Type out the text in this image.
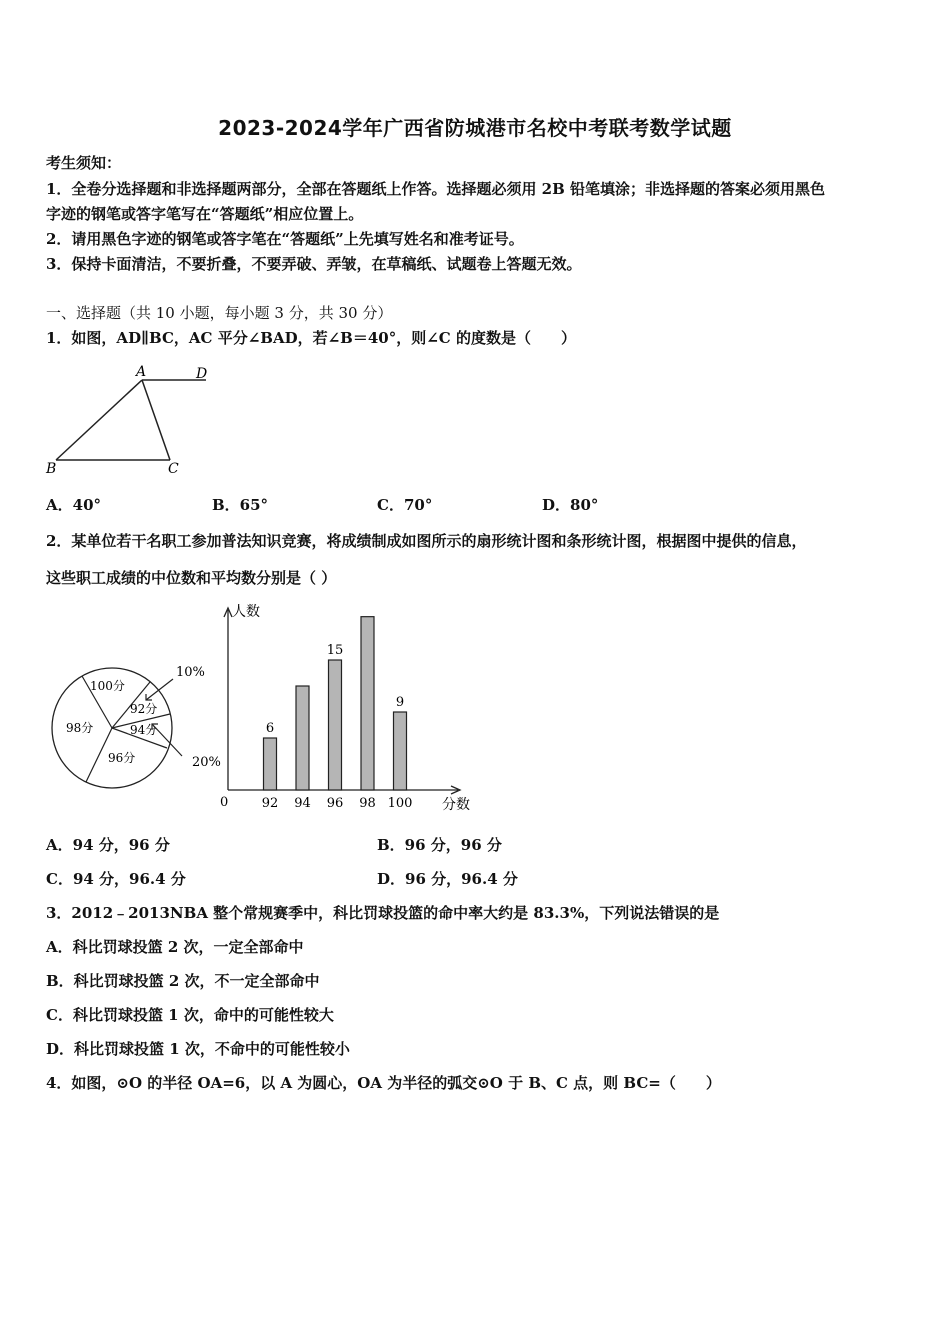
2023-2024学年广西省防城港市名校中考联考数学试题
考生须知：
1．全卷分选择题和非选择题两部分，全部在答题纸上作答。选择题必须用 2B 铅笔填涂；非选择题的答案必须用黑色
字迹的钢笔或答字笔写在“答题纸”相应位置上。
2．请用黑色字迹的钢笔或答字笔在“答题纸”上先填写姓名和准考证号。
3．保持卡面清洁，不要折叠，不要弄破、弄皱，在草稿纸、试题卷上答题无效。
一、选择题（共 10 小题，每小题 3 分，共 30 分）
1．如图，AD∥BC，AC 平分∠BAD，若∠B＝40°，则∠C 的度数是（　　）
A	D
B	C
A．40°	B．65°	C．70°	D．80°
2．某单位若干名职工参加普法知识竞赛，将成绩制成如图所示的扇形统计图和条形统计图，根据图中提供的信息，
这些职工成绩的中位数和平均数分别是（ ）
100分
92分
94分
96分
98分
10%
20%
人数
分数
0	92
6
94 96
15
98 100
9
A．94 分，96 分	B．96 分，96 分
C．94 分，96.4 分	D．96 分，96.4 分
3．2012﹣2013NBA 整个常规赛季中，科比罚球投篮的命中率大约是 83.3%，下列说法错误的是
A．科比罚球投篮 2 次，一定全部命中
B．科比罚球投篮 2 次，不一定全部命中
C．科比罚球投篮 1 次，命中的可能性较大
D．科比罚球投篮 1 次，不命中的可能性较小
4．如图，⊙O 的半径 OA=6，以 A 为圆心，OA 为半径的弧交⊙O 于 B、C 点，则 BC=（　　）
